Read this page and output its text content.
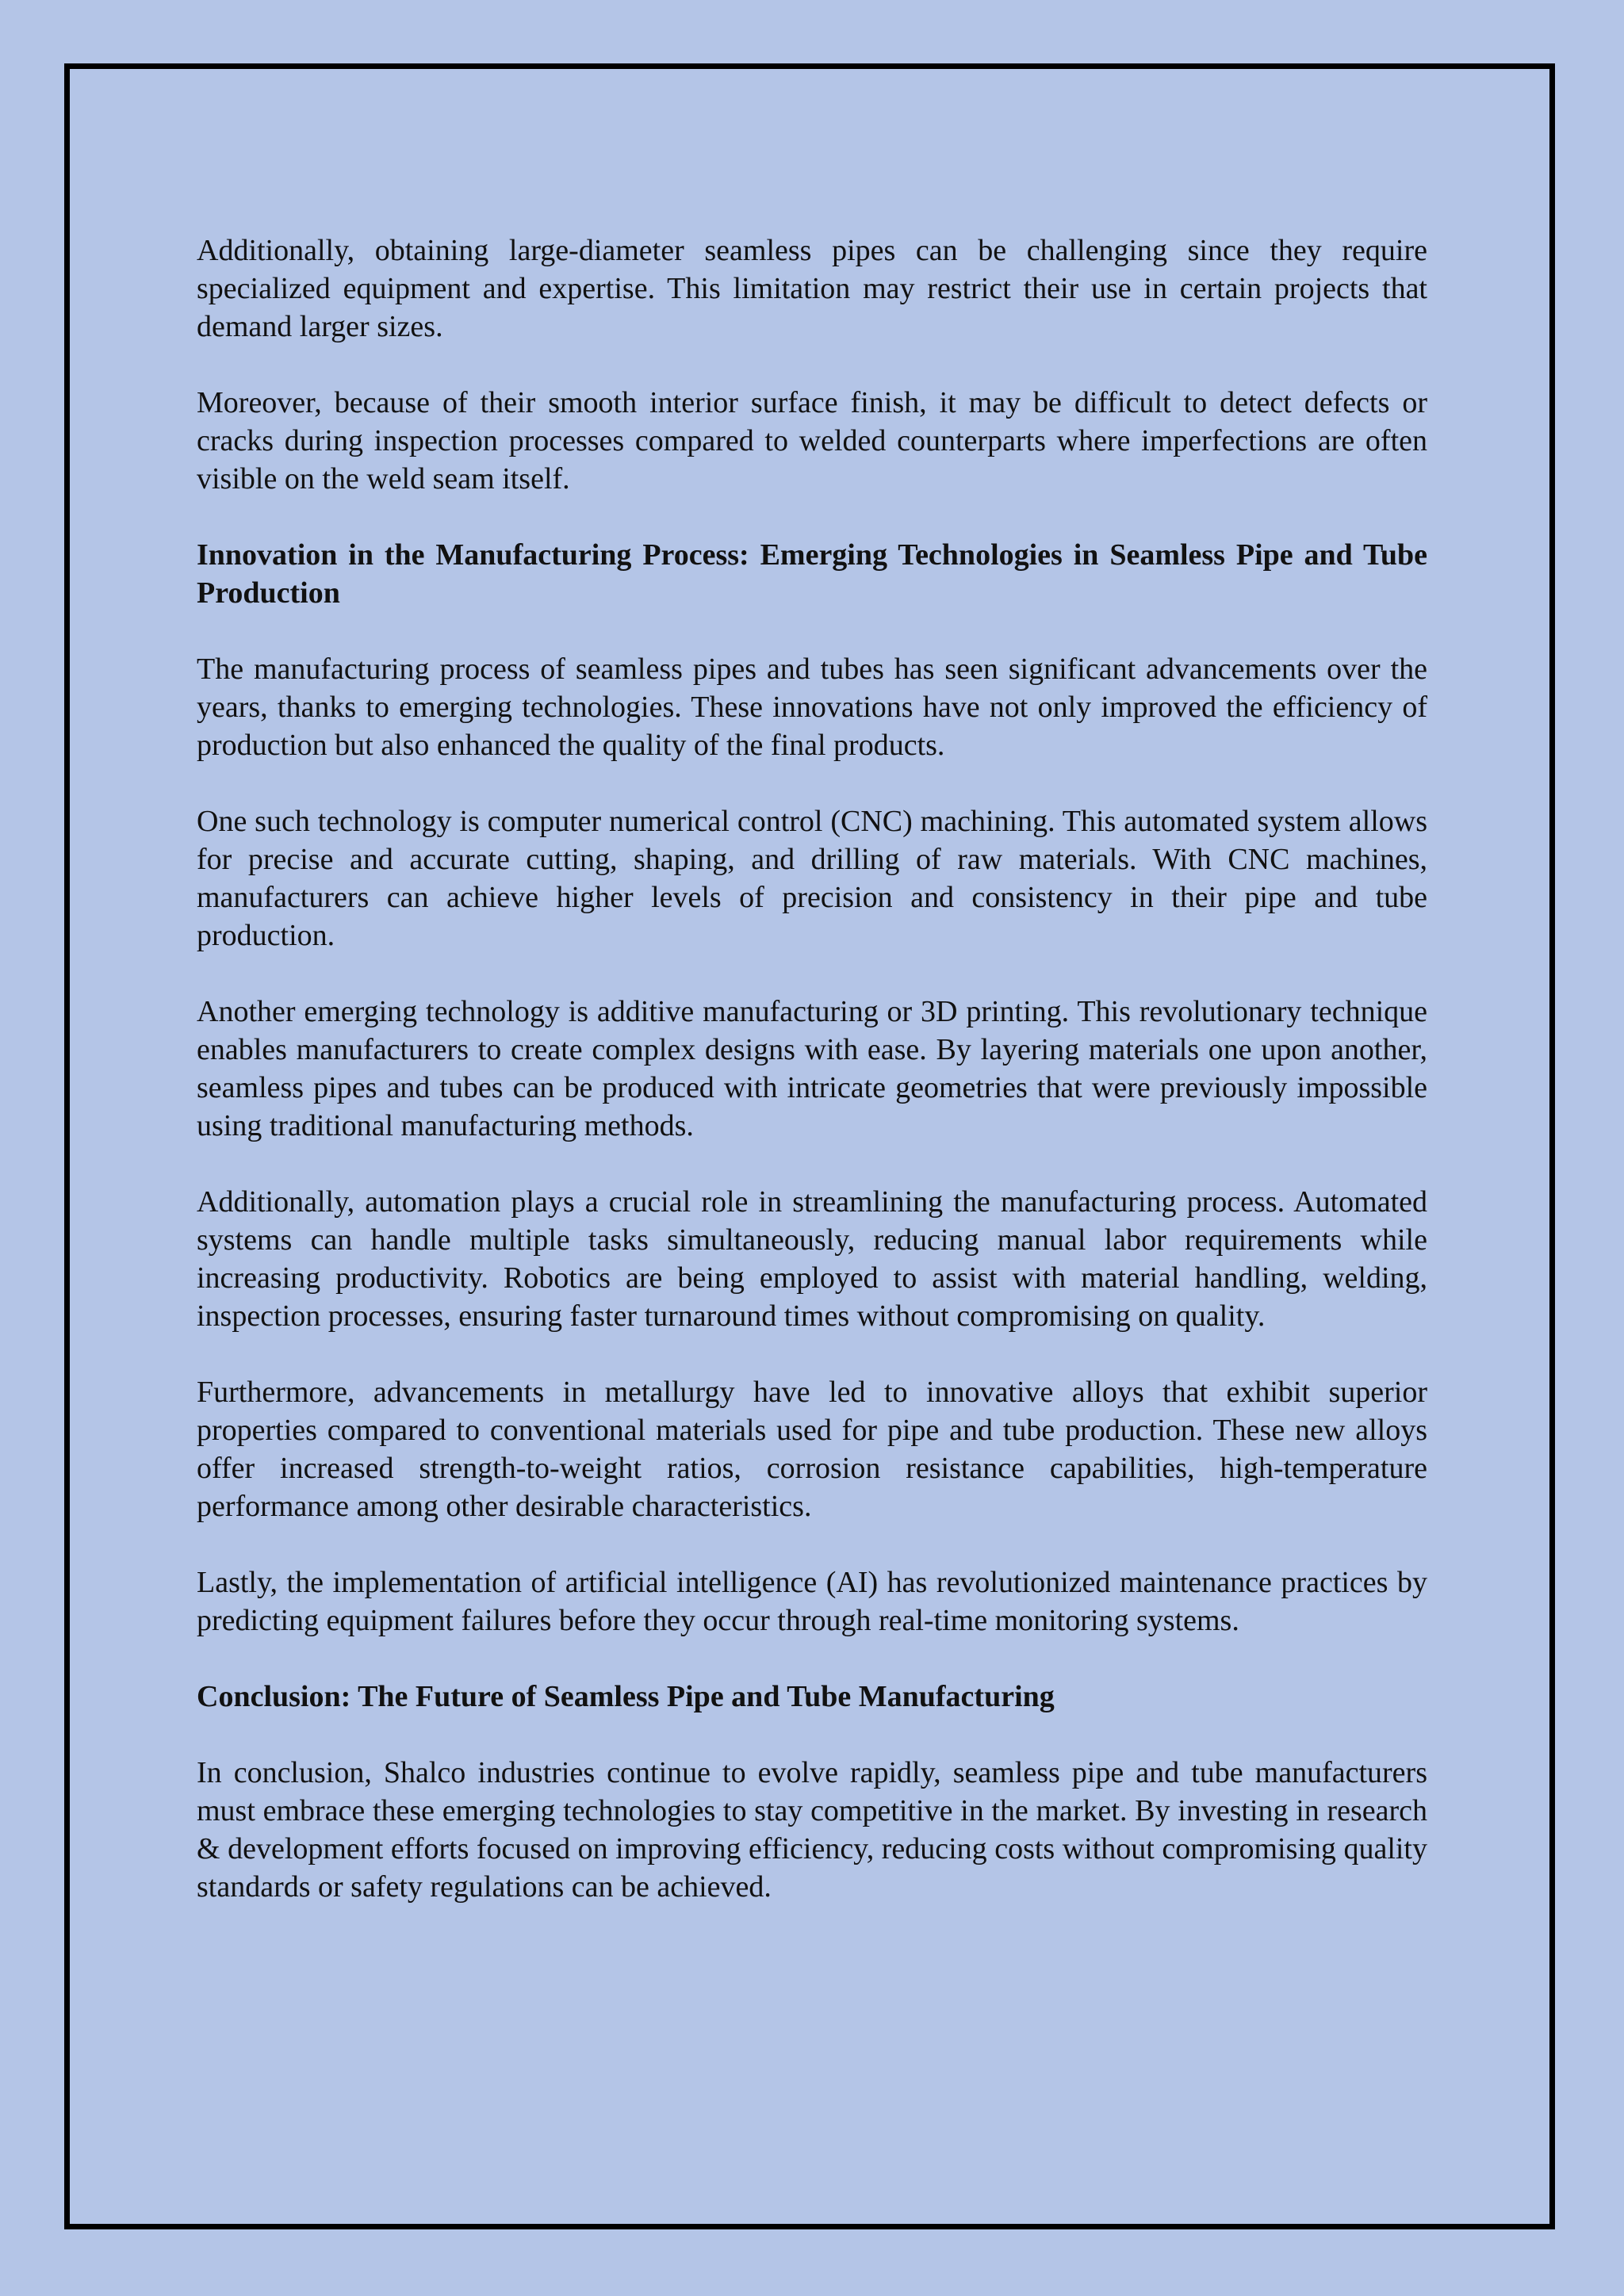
Additionally, obtaining large-diameter seamless pipes can be challenging since they require specialized equipment and expertise. This limitation may restrict their use in certain projects that demand larger sizes.

Moreover, because of their smooth interior surface finish, it may be difficult to detect defects or cracks during inspection processes compared to welded counterparts where imperfections are often visible on the weld seam itself.

Innovation in the Manufacturing Process: Emerging Technologies in Seamless Pipe and Tube Production

The manufacturing process of seamless pipes and tubes has seen significant advancements over the years, thanks to emerging technologies. These innovations have not only improved the efficiency of production but also enhanced the quality of the final products.

One such technology is computer numerical control (CNC) machining. This automated system allows for precise and accurate cutting, shaping, and drilling of raw materials. With CNC machines, manufacturers can achieve higher levels of precision and consistency in their pipe and tube production.

Another emerging technology is additive manufacturing or 3D printing. This revolutionary technique enables manufacturers to create complex designs with ease. By layering materials one upon another, seamless pipes and tubes can be produced with intricate geometries that were previously impossible using traditional manufacturing methods.

Additionally, automation plays a crucial role in streamlining the manufacturing process. Automated systems can handle multiple tasks simultaneously, reducing manual labor requirements while increasing productivity. Robotics are being employed to assist with material handling, welding, inspection processes, ensuring faster turnaround times without compromising on quality.

Furthermore, advancements in metallurgy have led to innovative alloys that exhibit superior properties compared to conventional materials used for pipe and tube production. These new alloys offer increased strength-to-weight ratios, corrosion resistance capabilities, high-temperature performance among other desirable characteristics.

Lastly, the implementation of artificial intelligence (AI) has revolutionized maintenance practices by predicting equipment failures before they occur through real-time monitoring systems.

Conclusion: The Future of Seamless Pipe and Tube Manufacturing

In conclusion, Shalco industries continue to evolve rapidly, seamless pipe and tube manufacturers must embrace these emerging technologies to stay competitive in the market. By investing in research & development efforts focused on improving efficiency, reducing costs without compromising quality standards or safety regulations can be achieved.
